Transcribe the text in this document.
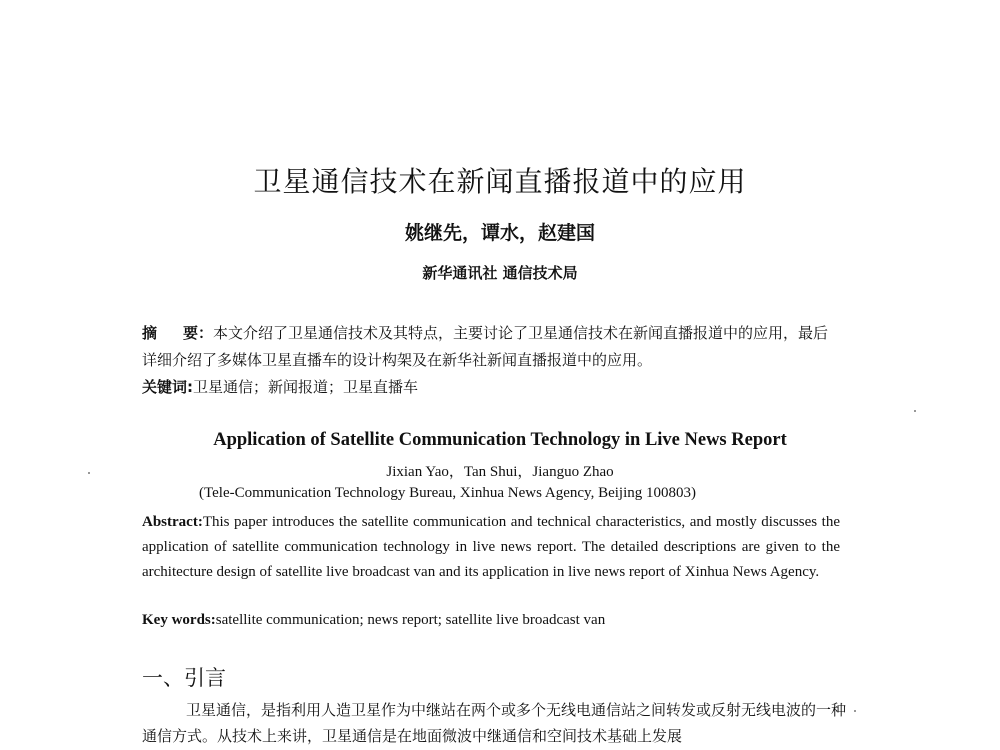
卫星通信技术在新闻直播报道中的应用
姚继先，谭水，赵建国
新华通讯社 通信技术局
摘 要：本文介绍了卫星通信技术及其特点，主要讨论了卫星通信技术在新闻直播报道中的应用，最后详细介绍了多媒体卫星直播车的设计构架及在新华社新闻直播报道中的应用。
关键词:卫星通信；新闻报道；卫星直播车
Application of Satellite Communication Technology in Live News Report
Jixian Yao，Tan Shui，Jianguo Zhao
(Tele-Communication Technology Bureau, Xinhua News Agency, Beijing 100803)
Abstract:This paper introduces the satellite communication and technical characteristics, and mostly discusses the application of satellite communication technology in live news report. The detailed descriptions are given to the architecture design of satellite live broadcast van and its application in live news report of Xinhua News Agency.
Key words:satellite communication; news report; satellite live broadcast van
一、引言
卫星通信，是指利用人造卫星作为中继站在两个或多个无线电通信站之间转发或反射无线电波的一种通信方式。从技术上来讲，卫星通信是在地面微波中继通信和空间技术基础上发展
